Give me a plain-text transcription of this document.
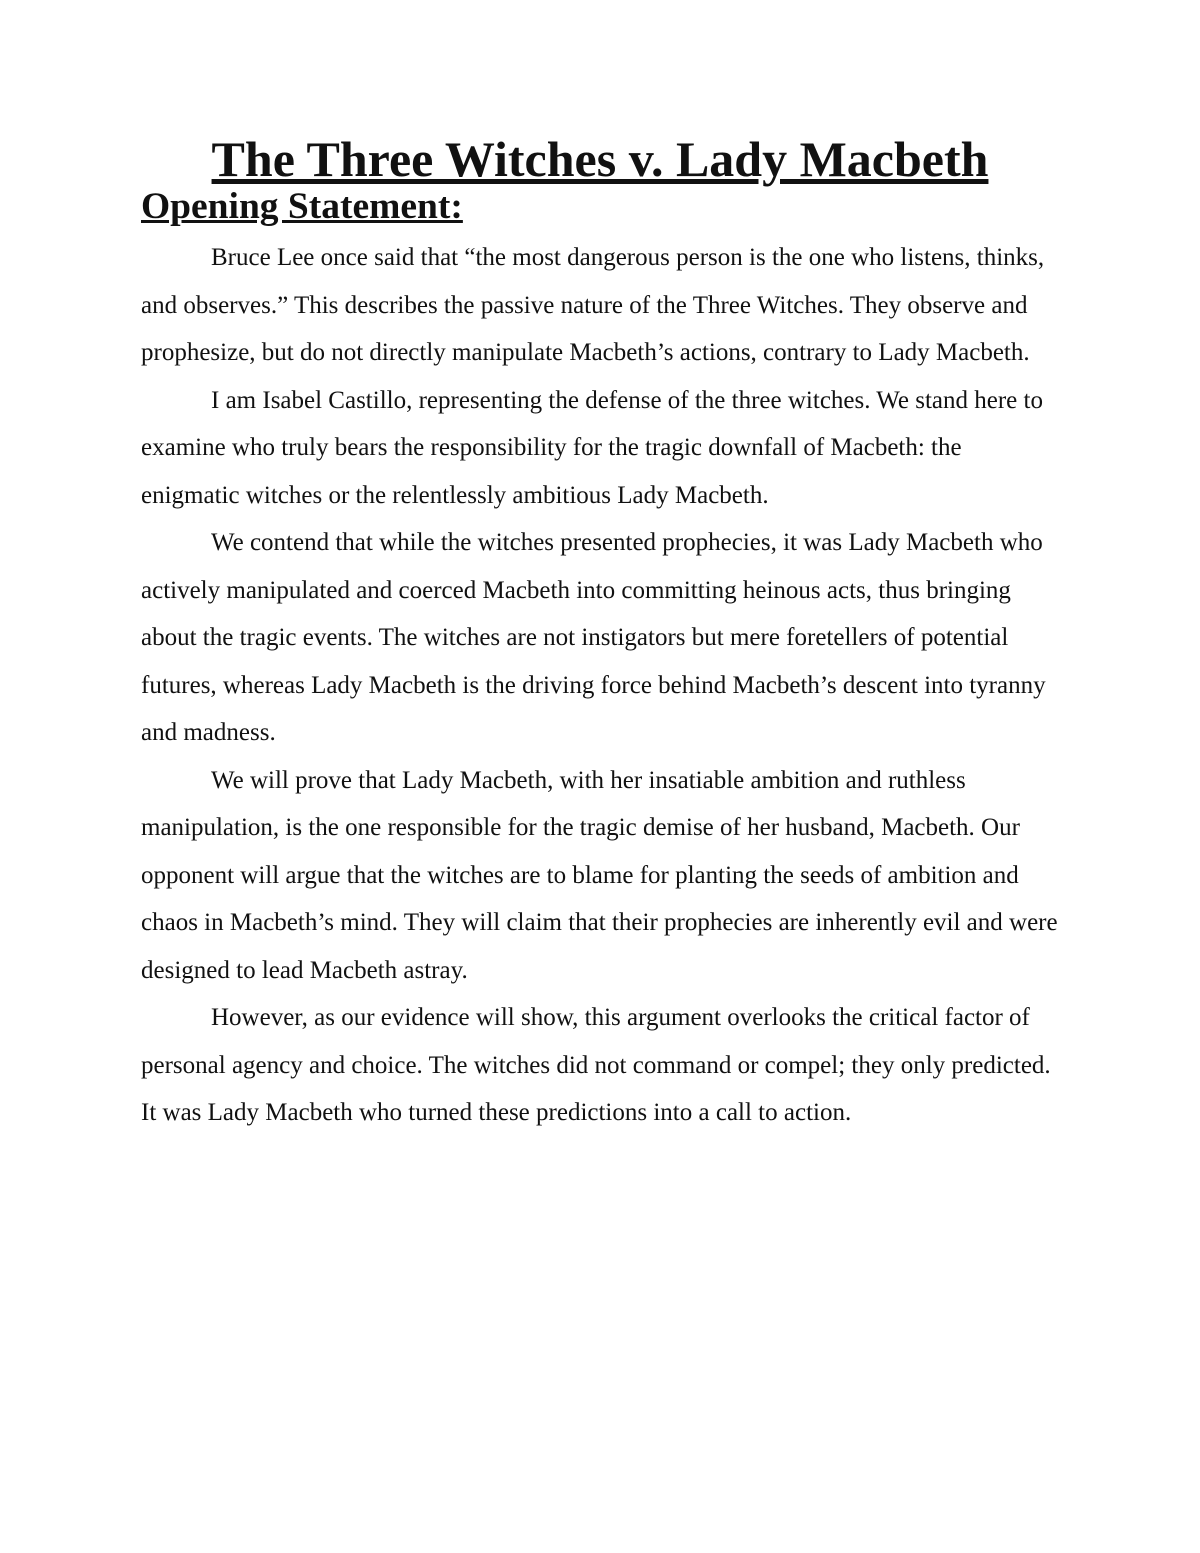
The Three Witches v. Lady Macbeth
Opening Statement:

Bruce Lee once said that “the most dangerous person is the one who listens, thinks, and observes.” This describes the passive nature of the Three Witches. They observe and prophesize, but do not directly manipulate Macbeth’s actions, contrary to Lady Macbeth.

I am Isabel Castillo, representing the defense of the three witches. We stand here to examine who truly bears the responsibility for the tragic downfall of Macbeth: the enigmatic witches or the relentlessly ambitious Lady Macbeth.

We contend that while the witches presented prophecies, it was Lady Macbeth who actively manipulated and coerced Macbeth into committing heinous acts, thus bringing about the tragic events. The witches are not instigators but mere foretellers of potential futures, whereas Lady Macbeth is the driving force behind Macbeth’s descent into tyranny and madness.

We will prove that Lady Macbeth, with her insatiable ambition and ruthless manipulation, is the one responsible for the tragic demise of her husband, Macbeth. Our opponent will argue that the witches are to blame for planting the seeds of ambition and chaos in Macbeth’s mind. They will claim that their prophecies are inherently evil and were designed to lead Macbeth astray.

However, as our evidence will show, this argument overlooks the critical factor of personal agency and choice. The witches did not command or compel; they only predicted. It was Lady Macbeth who turned these predictions into a call to action.
